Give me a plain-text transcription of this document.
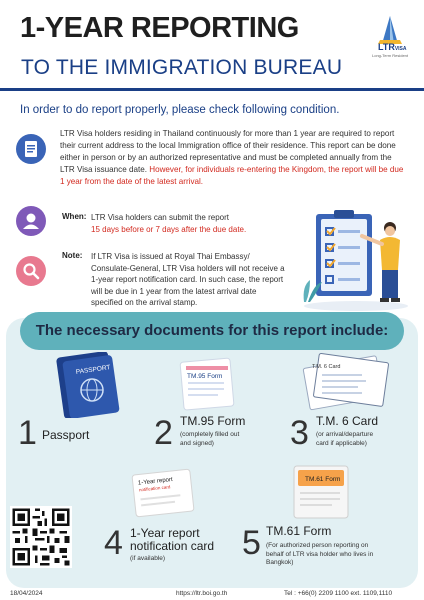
1-YEAR REPORTING
TO THE IMMIGRATION BUREAU
LTRVISA
Long-Term Resident
In order to do report properly, please check following condition.
LTR Visa holders residing in Thailand continuously for more than 1 year are required to report their current address to the local Immigration office of their residence. This report can be done either in person or by an authorized representative and must be completed annually from the LTR Visa issuance date. However, for individuals re-entering the Kingdom, the report will be due 1 year from the date of the latest arrival.
When: LTR Visa holders can submit the report
15 days before or 7 days after the due date.
Note: If LTR Visa is issued at Royal Thai Embassy/
Consulate-General, LTR Visa holders will not receive a
1-year report notification card. In such case, the report
will be due in 1 year from the latest arrival date
specified on the arrival stamp.
The necessary documents for this report include:
PASSPORT
1 Passport
TM.95 Form
2 TM.95 Form
(completely filled out
and signed)
T.M. 6 Card
3 T.M. 6 Card
(or arrival/departure
card if applicable)
1-Year report
notification card
4 1-Year report
notification card
(if available)
TM.61 Form
5 TM.61 Form
(For authorized person reporting on
behalf of LTR visa holder who lives in
Bangkok)
18/04/2024	https://ltr.boi.go.th	Tel : +66(0) 2209 1100 ext. 1109,1110
